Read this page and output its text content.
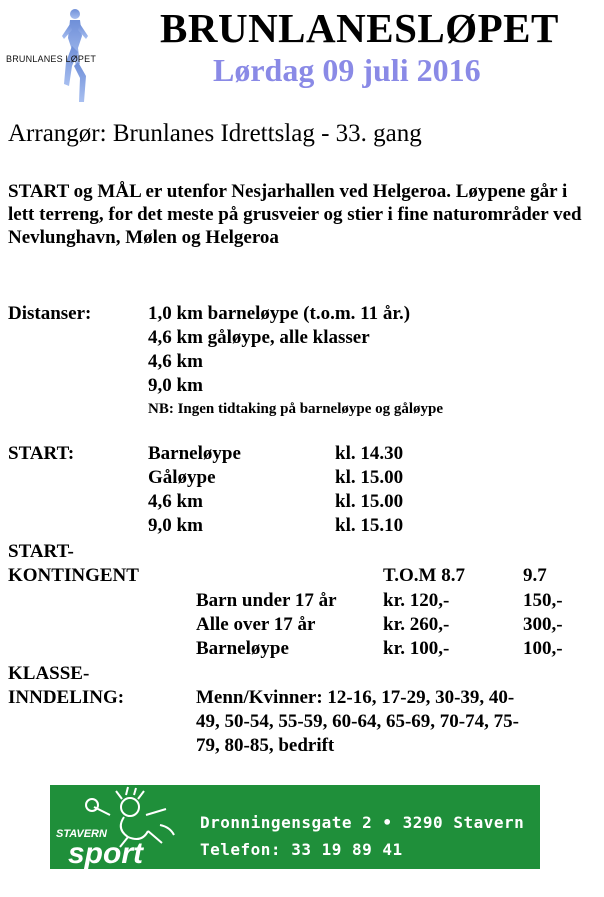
BRUNLANES LØPET
BRUNLANESLØPET
Lørdag 09 juli 2016
Arrangør: Brunlanes Idrettslag - 33. gang
START og MÅL er utenfor Nesjarhallen ved Helgeroa. Løypene går i lett terreng, for det meste på grusveier og stier i fine naturområder ved Nevlunghavn, Mølen og Helgeroa
Distanser:	1,0 km barneløype (t.o.m. 11 år.)
4,6 km gåløype, alle klasser
4,6 km
9,0 km
NB: Ingen tidtaking på barneløype og gåløype
START:	Barneløype	kl. 14.30
Gåløype	kl. 15.00
4,6 km	kl. 15.00
9,0 km	kl. 15.10
START-
KONTINGENT	T.O.M 8.7	9.7
Barn under 17 år kr. 120,-	150,-
Alle over 17 år	kr. 260,-	300,-
Barneløype	kr. 100,-	100,-
KLASSE-
INNDELING:	Menn/Kvinner: 12-16, 17-29, 30-39, 40-
49, 50-54, 55-59, 60-64, 65-69, 70-74, 75-
79, 80-85, bedrift
STAVERN
sport
Dronningensgate 2 • 3290 Stavern
Telefon: 33 19 89 41
